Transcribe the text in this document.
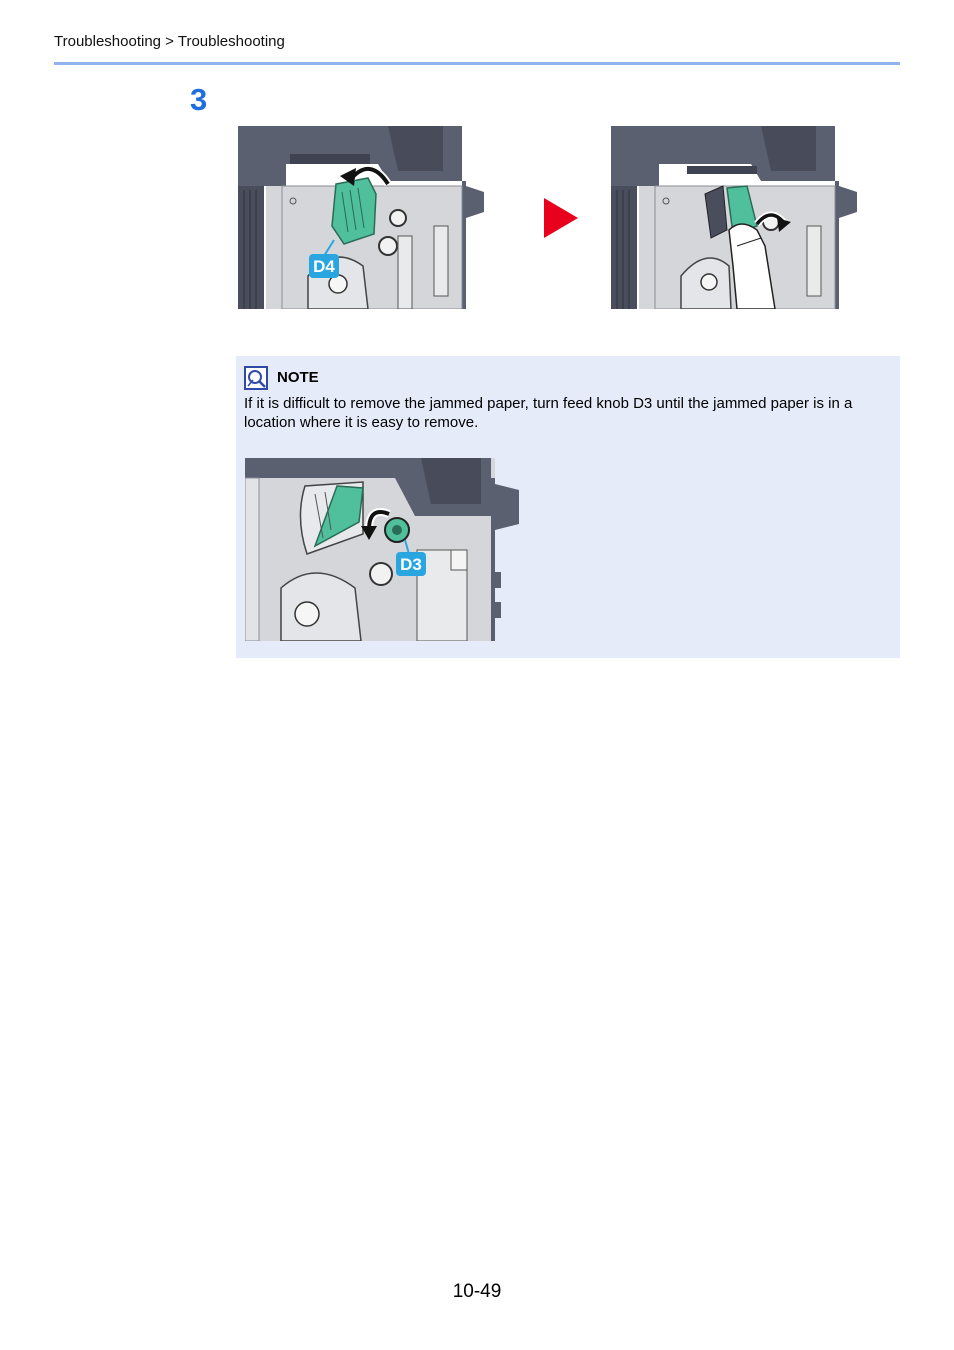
Troubleshooting > Troubleshooting
3
D4
NOTE
If it is difficult to remove the jammed paper, turn feed knob D3 until the jammed paper is in a location where it is easy to remove.
D3
10-49
